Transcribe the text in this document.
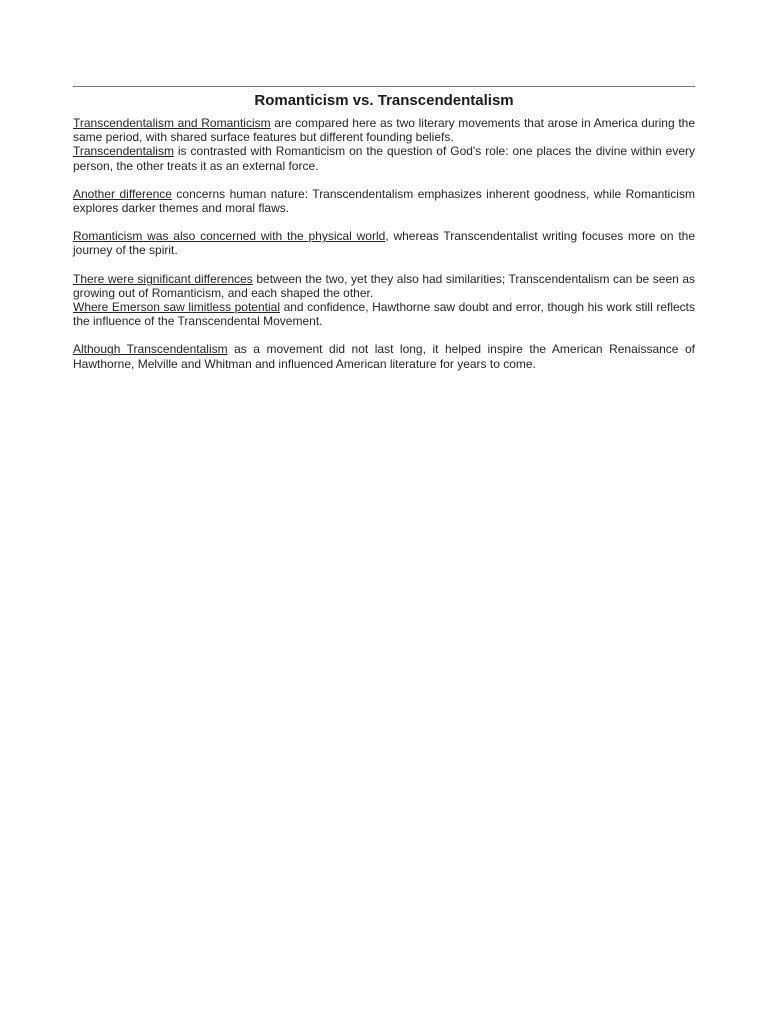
Romanticism vs. Transcendentalism

Transcendentalism and Romanticism are compared here as two literary movements that arose in America during the same period, with shared surface features but different founding beliefs.

Transcendentalism is contrasted with Romanticism on the question of God's role: one places the divine within every person, the other treats it as an external force.

Another difference concerns human nature: Transcendentalism emphasizes inherent goodness, while Romanticism explores darker themes and moral flaws.

Romanticism was also concerned with the physical world, whereas Transcendentalist writing focuses more on the journey of the spirit.

There were significant differences between the two, yet they also had similarities; Transcendentalism can be seen as growing out of Romanticism, and each shaped the other.

Where Emerson saw limitless potential and confidence, Hawthorne saw doubt and error, though his work still reflects the influence of the Transcendental Movement.

Although Transcendentalism as a movement did not last long, it helped inspire the American Renaissance of Hawthorne, Melville and Whitman and influenced American literature for years to come.
